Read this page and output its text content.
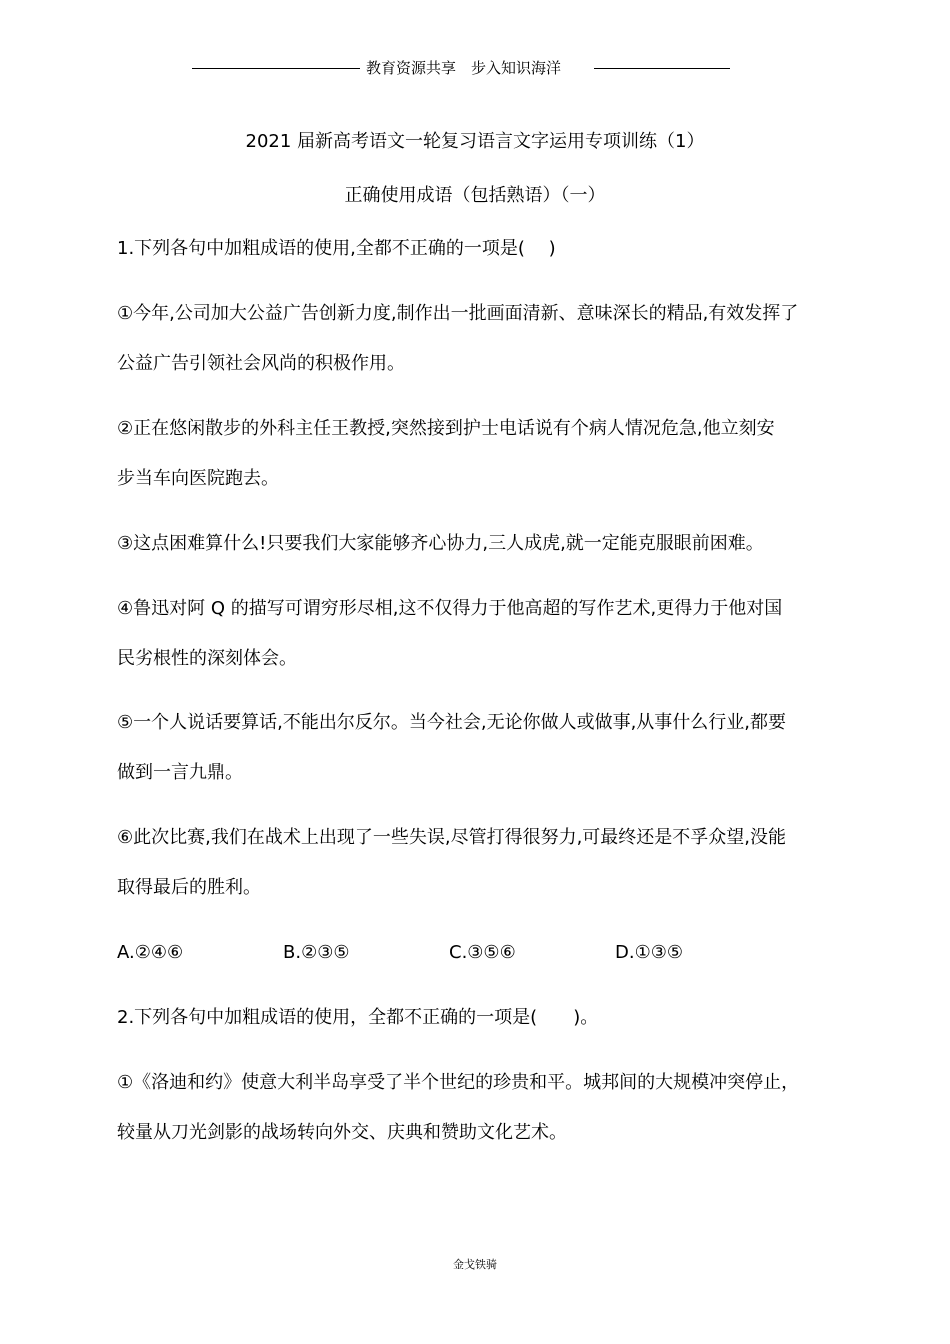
教育资源共享　步入知识海洋
2021 届新高考语文一轮复习语言文字运用专项训练（1）
正确使用成语（包括熟语）（一）
1.下列各句中加粗成语的使用,全都不正确的一项是(　 )
①今年,公司加大公益广告创新力度,制作出一批画面清新、意味深长的精品,有效发挥了
公益广告引领社会风尚的积极作用。
②正在悠闲散步的外科主任王教授,突然接到护士电话说有个病人情况危急,他立刻安
步当车向医院跑去。
③这点困难算什么!只要我们大家能够齐心协力,三人成虎,就一定能克服眼前困难。
④鲁迅对阿 Q 的描写可谓穷形尽相,这不仅得力于他高超的写作艺术,更得力于他对国
民劣根性的深刻体会。
⑤一个人说话要算话,不能出尔反尔。当今社会,无论你做人或做事,从事什么行业,都要
做到一言九鼎。
⑥此次比赛,我们在战术上出现了一些失误,尽管打得很努力,可最终还是不孚众望,没能
取得最后的胜利。
A.②④⑥	B.②③⑤	C.③⑤⑥	D.①③⑤
2.下列各句中加粗成语的使用，全都不正确的一项是(　　)。
①《洛迪和约》使意大利半岛享受了半个世纪的珍贵和平。城邦间的大规模冲突停止，
较量从刀光剑影的战场转向外交、庆典和赞助文化艺术。
金戈铁骑
